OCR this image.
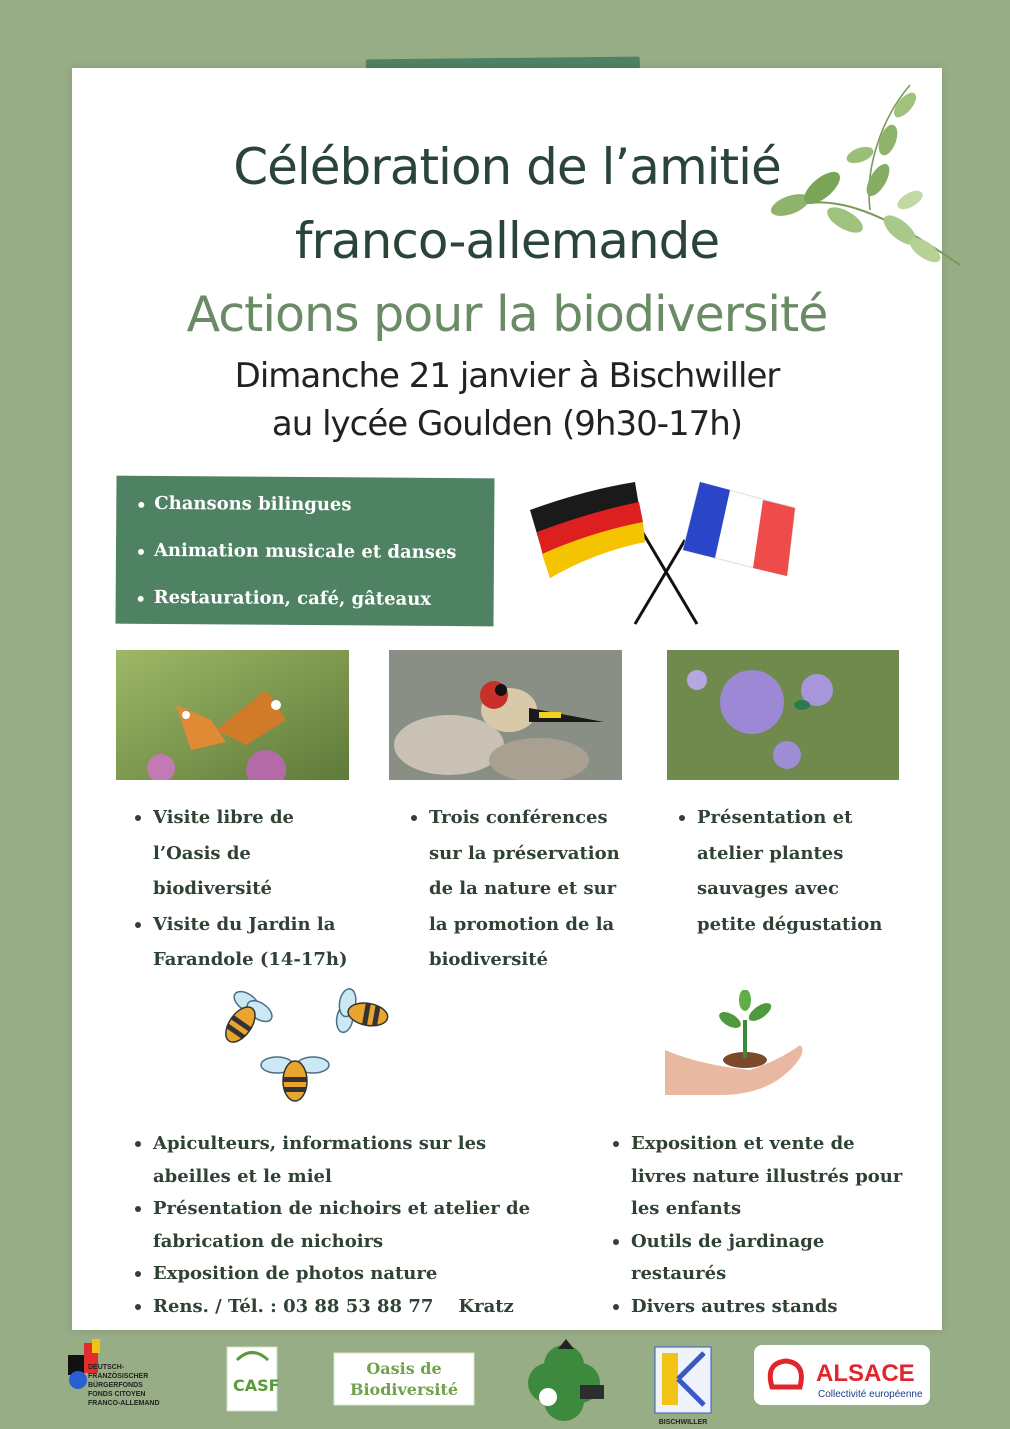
Célébration de l’amitié
franco-allemande
Actions pour la biodiversité
Dimanche 21 janvier à Bischwiller
au lycée Goulden (9h30-17h)
Chansons bilingues
Animation musicale et danses
Restauration, café, gâteaux
Visite libre de
l’Oasis de
biodiversité
Visite du Jardin la
Farandole (14-17h)
Trois conférences
sur la préservation
de la nature et sur
la promotion de la
biodiversité
Présentation et
atelier plantes
sauvages avec
petite dégustation
Apiculteurs, informations sur les
abeilles et le miel
Présentation de nichoirs et atelier de
fabrication de nichoirs
Exposition de photos nature
Rens. / Tél. : 03 88 53 88 77    Kratz
Exposition et vente de
livres nature illustrés pour
les enfants
Outils de jardinage
restaurés
Divers autres stands
DEUTSCH-
FRANZÖSISCHER
BÜRGERFONDS
FONDS CITOYEN
FRANCO-ALLEMAND
CASF
Oasis de
Biodiversité
BISCHWILLER
ALSACE
Collectivité européenne
